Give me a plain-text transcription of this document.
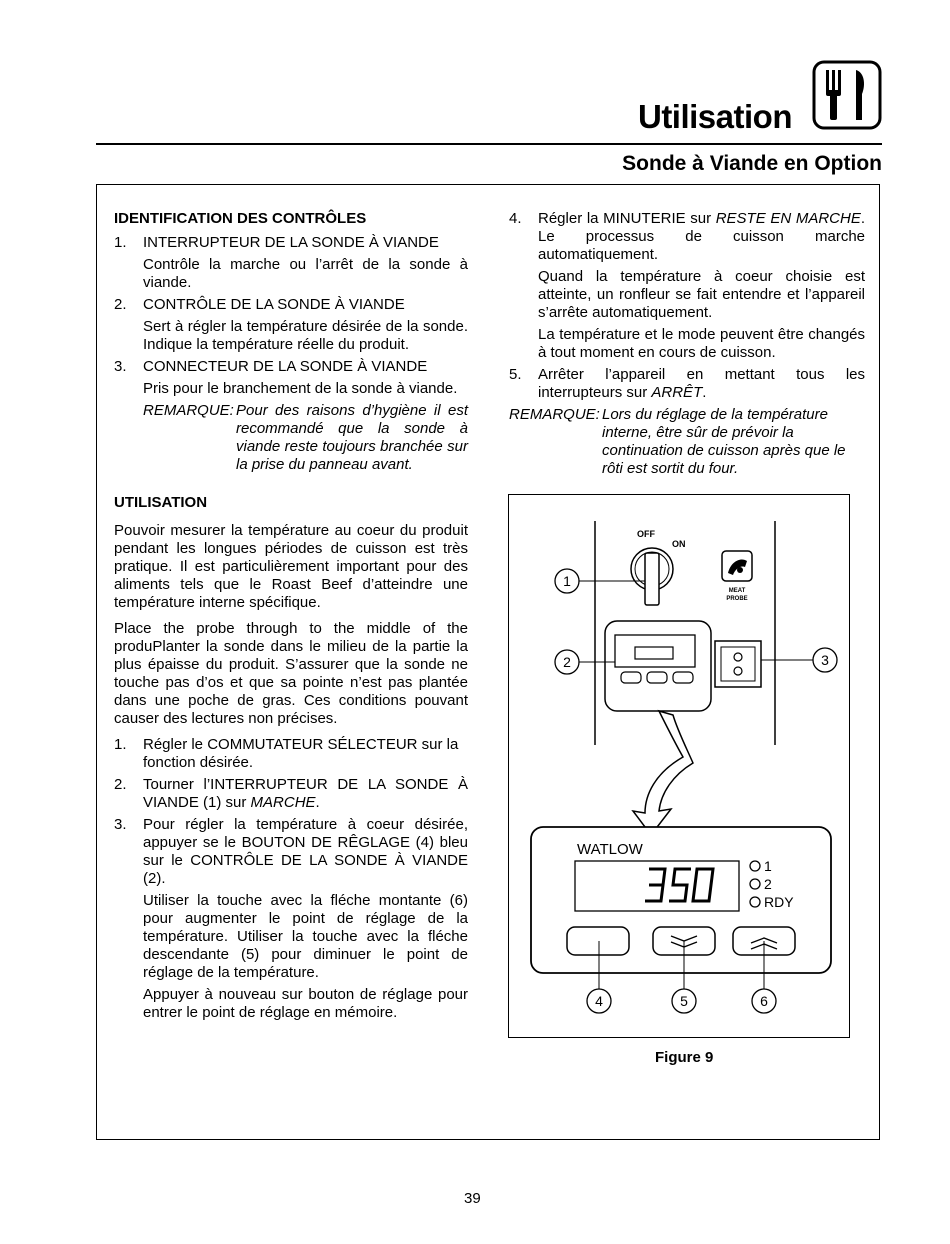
Utilisation
Sonde à Viande en Option
IDENTIFICATION DES CONTRÔLES
1.	INTERRUPTEUR DE LA SONDE À VIANDE
Contrôle la marche ou l’arrêt de la sonde à viande.
2.	CONTRÔLE DE LA SONDE À VIANDE
Sert à régler la température désirée de la sonde. Indique la température réelle du produit.
3.	CONNECTEUR DE LA SONDE À VIANDE
Pris pour le branchement de la sonde à viande.
REMARQUE: Pour des raisons d’hygiène il est recommandé que la sonde à viande reste toujours branchée sur la prise du panneau avant.
UTILISATION
Pouvoir mesurer la température au coeur du produit pendant les longues périodes de cuisson est très pratique. Il est particulièrement important pour des aliments tels que le Roast Beef d’atteindre une température interne spécifique.
Place the probe through to the middle of the produPlanter la sonde dans le milieu de la partie la plus épaisse du produit. S’assurer que la sonde ne touche pas d’os et que sa pointe n’est pas plantée dans une poche de gras. Ces conditions pouvant causer des lectures non précises.
1.	Régler le COMMUTATEUR SÉLECTEUR sur la fonction désirée.
2.	Tourner l’INTERRUPTEUR DE LA SONDE À VIANDE (1) sur MARCHE.
3.	Pour régler la température à coeur désirée, appuyer se le BOUTON DE RÊGLAGE (4) bleu sur le CONTRÔLE DE LA SONDE À VIANDE (2).
Utiliser la touche avec la fléche montante (6) pour augmenter le point de réglage de la température. Utiliser la touche avec la fléche descendante (5) pour diminuer le point de réglage de la température.
Appuyer à nouveau sur bouton de réglage pour entrer le point de réglage en mémoire.
4.	Régler la MINUTERIE sur RESTE EN MARCHE. Le processus de cuisson marche automatiquement.
Quand la température à coeur choisie est atteinte, un ronfleur se fait entendre et l’appareil s’arrête automatiquement.
La température et le mode peuvent être changés à tout moment en cours de cuisson.
5.	Arrêter l’appareil en mettant tous les interrupteurs sur ARRÊT.
REMARQUE: Lors du réglage de la température interne, être sûr de prévoir la continuation de cuisson après que le rôti est sortit du four.
OFF
ON
MEAT
PROBE
WATLOW
350
1
2
RDY
1
2	3
4	5	6
Figure 9
39
